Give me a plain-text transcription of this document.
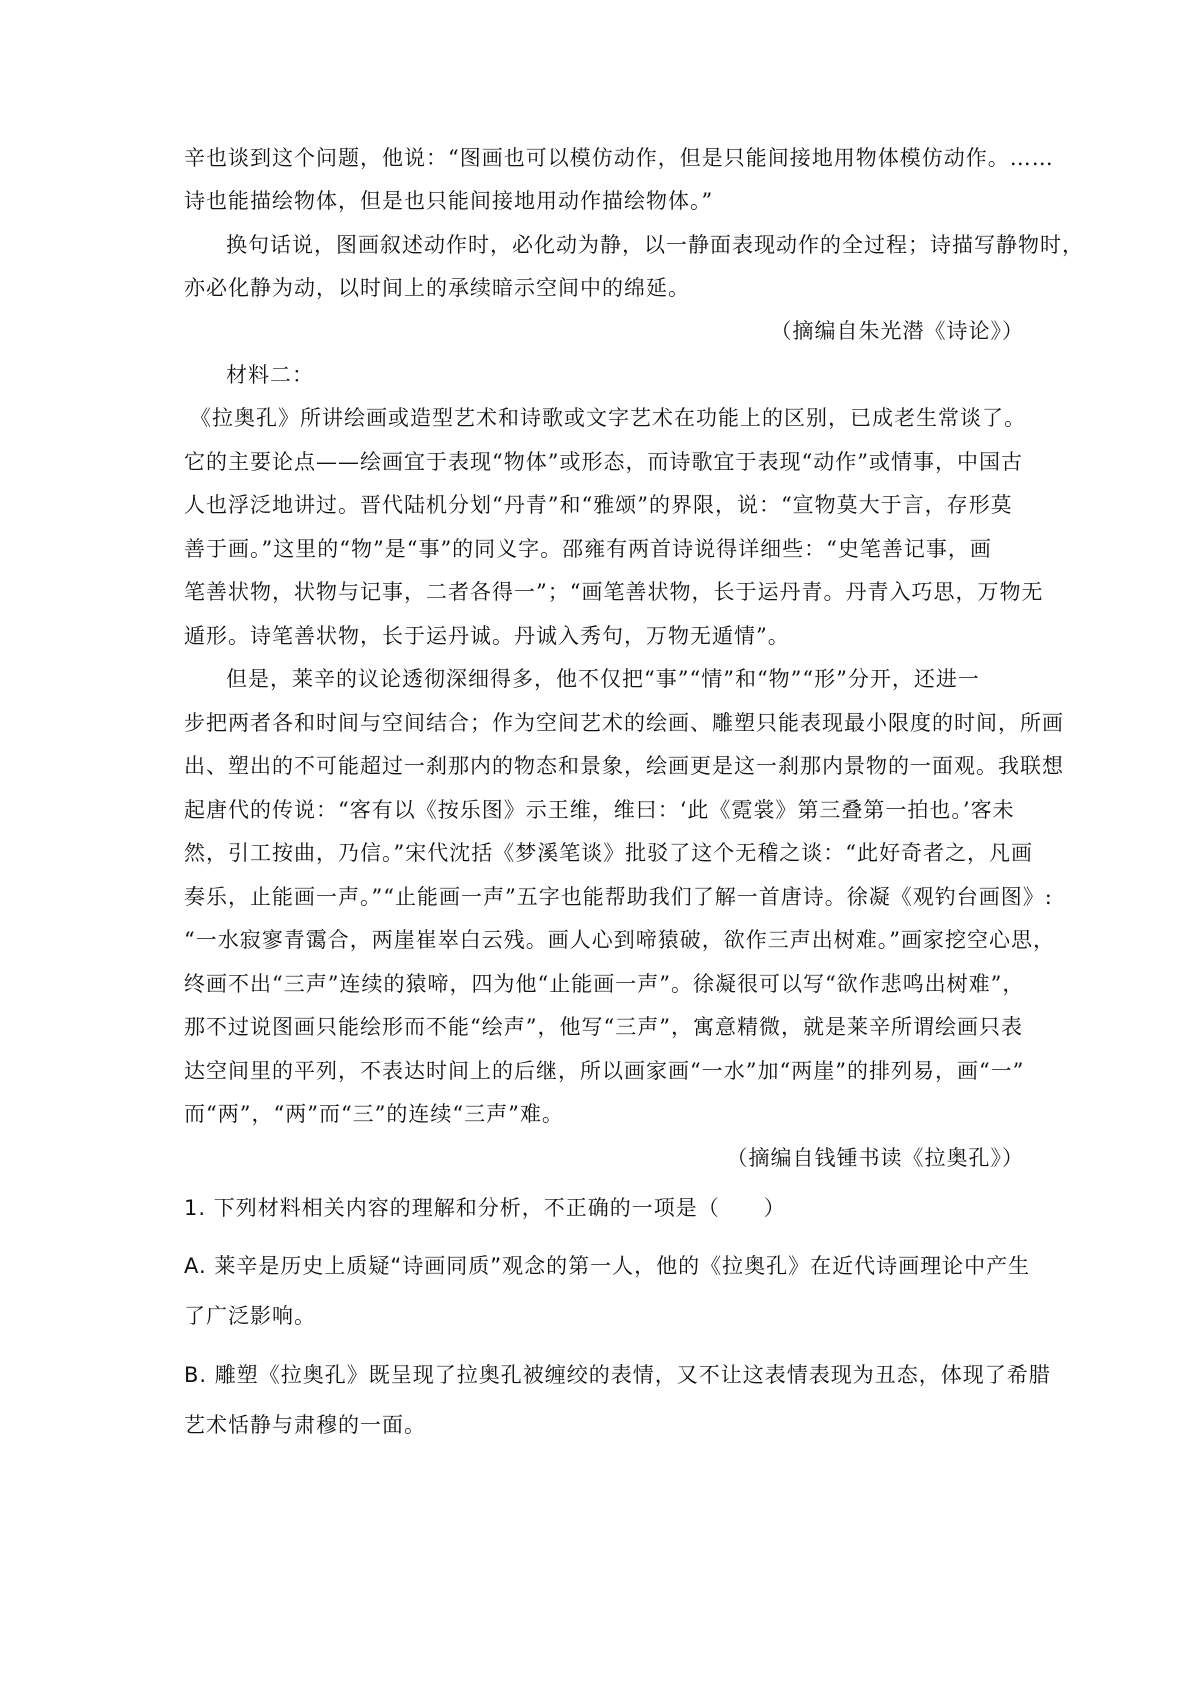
辛也谈到这个问题，他说：“图画也可以模仿动作，但是只能间接地用物体模仿动作。……
诗也能描绘物体，但是也只能间接地用动作描绘物体。”
换句话说，图画叙述动作时，必化动为静，以一静面表现动作的全过程；诗描写静物时，
亦必化静为动，以时间上的承续暗示空间中的绵延。
（摘编自朱光潜《诗论》）
材料二：
《拉奥孔》所讲绘画或造型艺术和诗歌或文字艺术在功能上的区别，已成老生常谈了。
它的主要论点——绘画宜于表现“物体”或形态，而诗歌宜于表现“动作”或情事，中国古
人也浮泛地讲过。晋代陆机分划“丹青”和“雅颂”的界限，说：“宣物莫大于言，存形莫
善于画。”这里的“物”是“事”的同义字。邵雍有两首诗说得详细些：“史笔善记事，画
笔善状物，状物与记事，二者各得一”；“画笔善状物，长于运丹青。丹青入巧思，万物无
遁形。诗笔善状物，长于运丹诚。丹诚入秀句，万物无遁情”。
但是，莱辛的议论透彻深细得多，他不仅把“事”“情”和“物”“形”分开，还进一
步把两者各和时间与空间结合；作为空间艺术的绘画、雕塑只能表现最小限度的时间，所画
出、塑出的不可能超过一刹那内的物态和景象，绘画更是这一刹那内景物的一面观。我联想
起唐代的传说：“客有以《按乐图》示王维，维曰：‘此《霓裳》第三叠第一拍也。’客未
然，引工按曲，乃信。”宋代沈括《梦溪笔谈》批驳了这个无稽之谈：“此好奇者之，凡画
奏乐，止能画一声。”“止能画一声”五字也能帮助我们了解一首唐诗。徐凝《观钓台画图》:
“一水寂寥青霭合，两崖崔崒白云残。画人心到啼猿破，欲作三声出树难。”画家挖空心思，
终画不出“三声”连续的猿啼，四为他“止能画一声”。徐凝很可以写“欲作悲鸣出树难”，
那不过说图画只能绘形而不能“绘声”，他写“三声”，寓意精微，就是莱辛所谓绘画只表
达空间里的平列，不表达时间上的后继，所以画家画“一水”加“两崖”的排列易，画“一”
而“两”，“两”而“三”的连续“三声”难。
（摘编自钱锺书读《拉奥孔》）
1. 下列材料相关内容的理解和分析，不正确的一项是（　　）
A. 莱辛是历史上质疑“诗画同质”观念的第一人，他的《拉奥孔》在近代诗画理论中产生
了广泛影响。
B. 雕塑《拉奥孔》既呈现了拉奥孔被缠绞的表情，又不让这表情表现为丑态，体现了希腊
艺术恬静与肃穆的一面。
